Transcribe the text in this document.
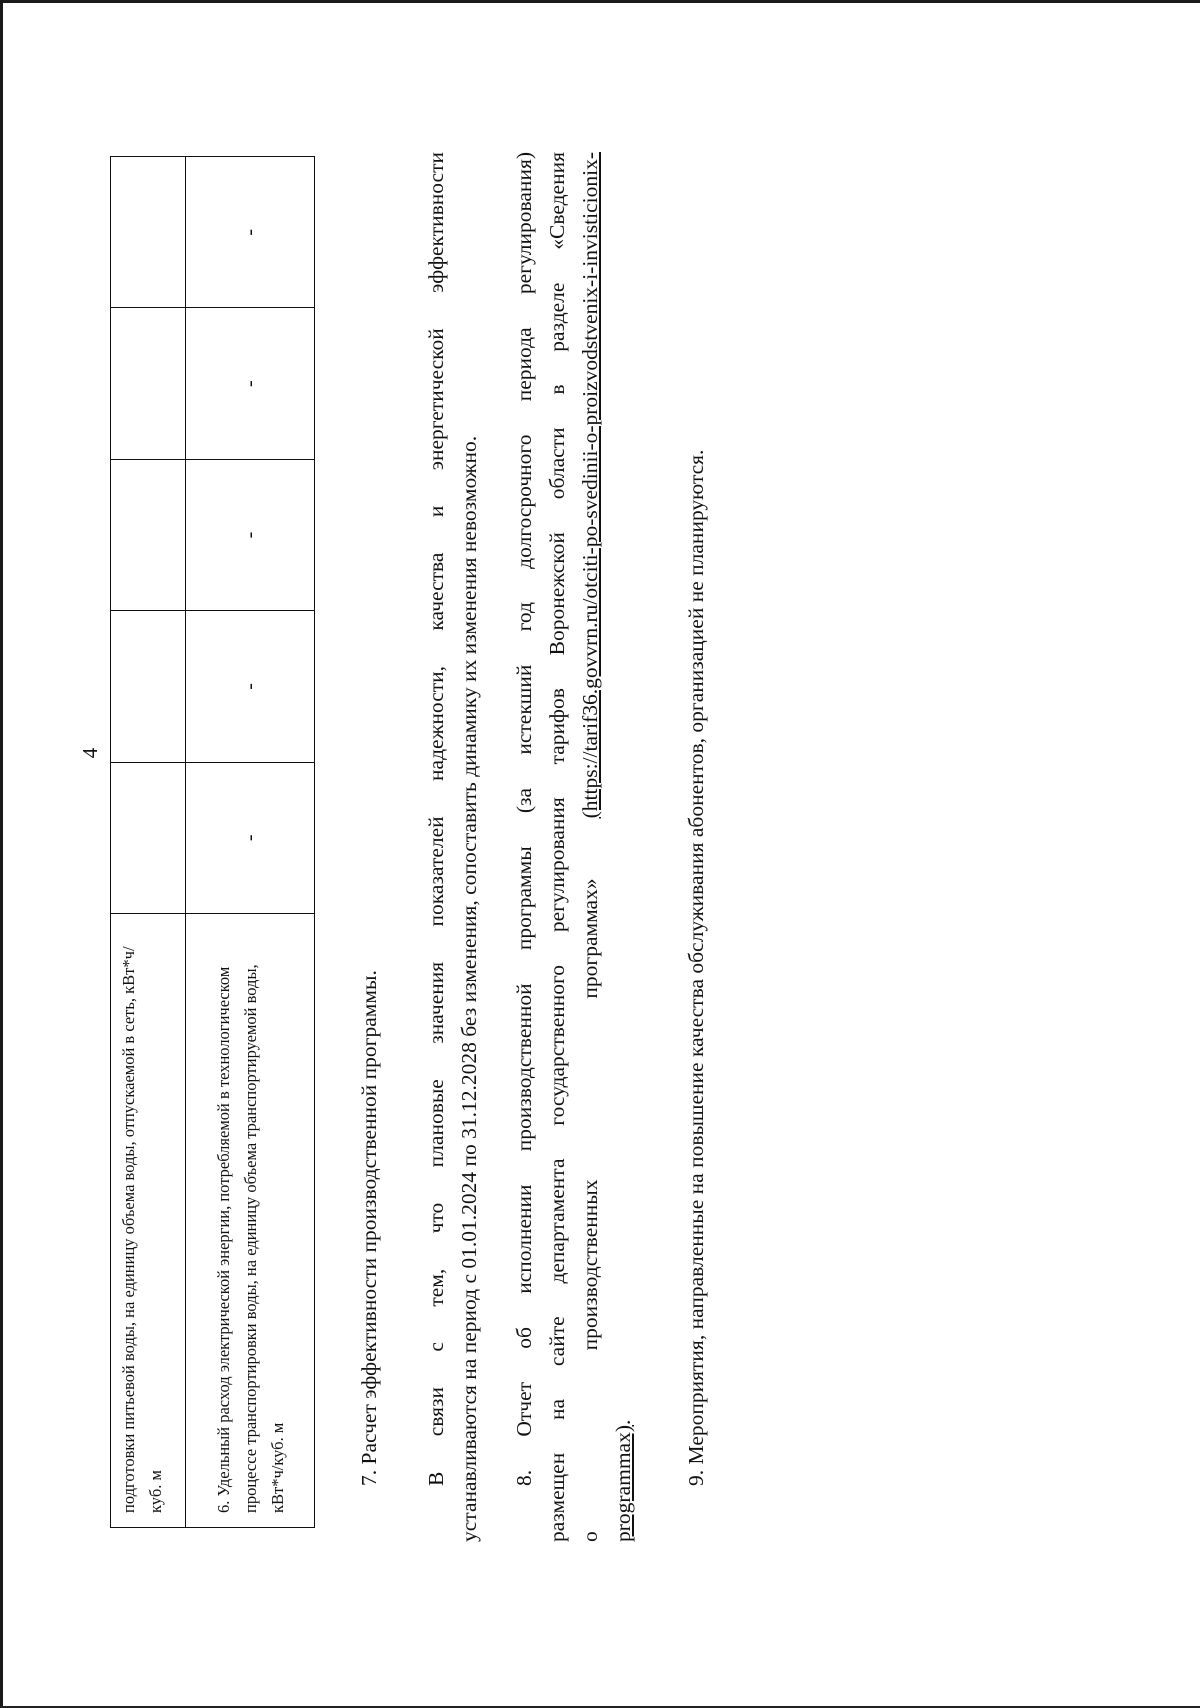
4
подготовки питьевой воды, на единицу объема воды, отпускаемой в сеть, кВт*ч/куб. м					
6. Удельный расход электрической энергии, потребляемой в технологическом процессе транспортировки воды, на единицу объема транспортируемой воды, кВт*ч/куб. м	-	-	-	-	-
7. Расчет эффективности производственной программы. В связи с тем, что плановые значения показателей надежности, качества и энергетической эффективности устанавливаются на период с 01.01.2024 по 31.12.2028 без изменения, сопоставить динамику их изменения невозможно. 8. Отчет об исполнении производственной программы (за истекший год долгосрочного периода регулирования) размещен на сайте департамента государственного регулирования тарифов Воронежской области в разделе «Сведения о производственных программах»(https://tarif36.govvrn.ru/otciti-po-svedinii-o-proizvodstvenix-i-invisticionix-
programmax). 9. Мероприятия, направленные на повышение качества обслуживания абонентов, организацией не планируются.
